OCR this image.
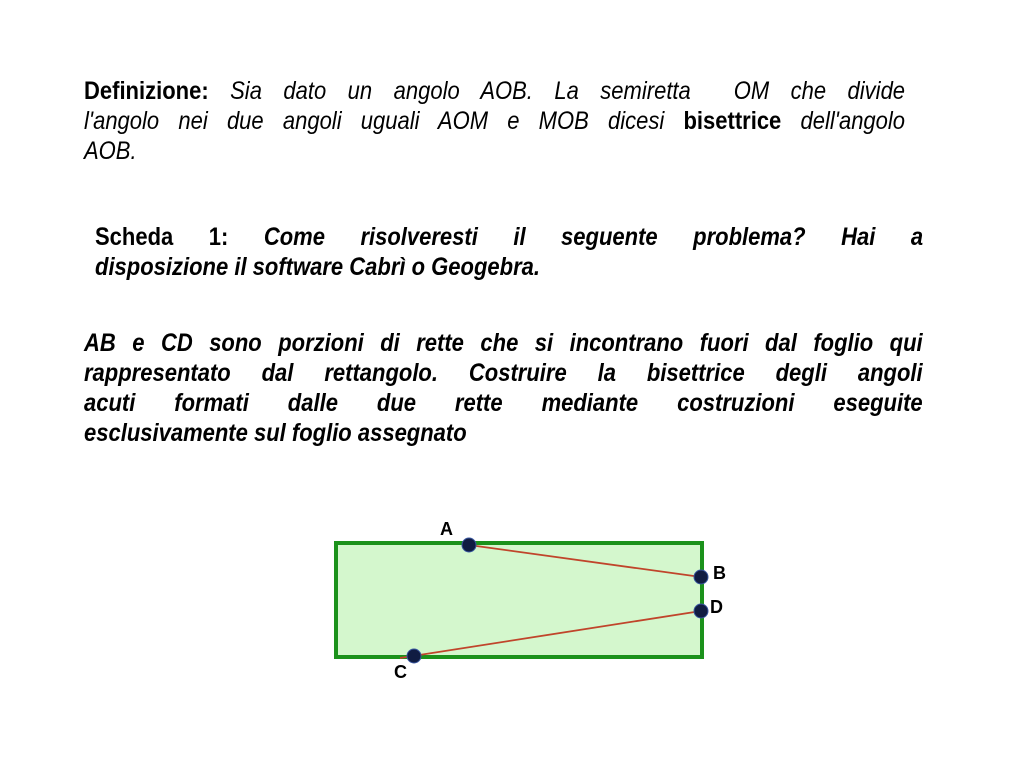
Definizione: Sia dato un angolo AOB. La semiretta  OM che divide
l'angolo nei due angoli uguali AOM e MOB dicesi bisettrice dell'angolo
AOB.
Scheda 1: Come risolveresti il seguente problema? Hai a
disposizione il software Cabrì o Geogebra.
AB e CD sono porzioni di rette che si incontrano fuori dal foglio qui
rappresentato dal rettangolo. Costruire la bisettrice degli angoli
acuti formati dalle due rette mediante costruzioni eseguite
esclusivamente sul foglio assegnato
A
B
D
C
